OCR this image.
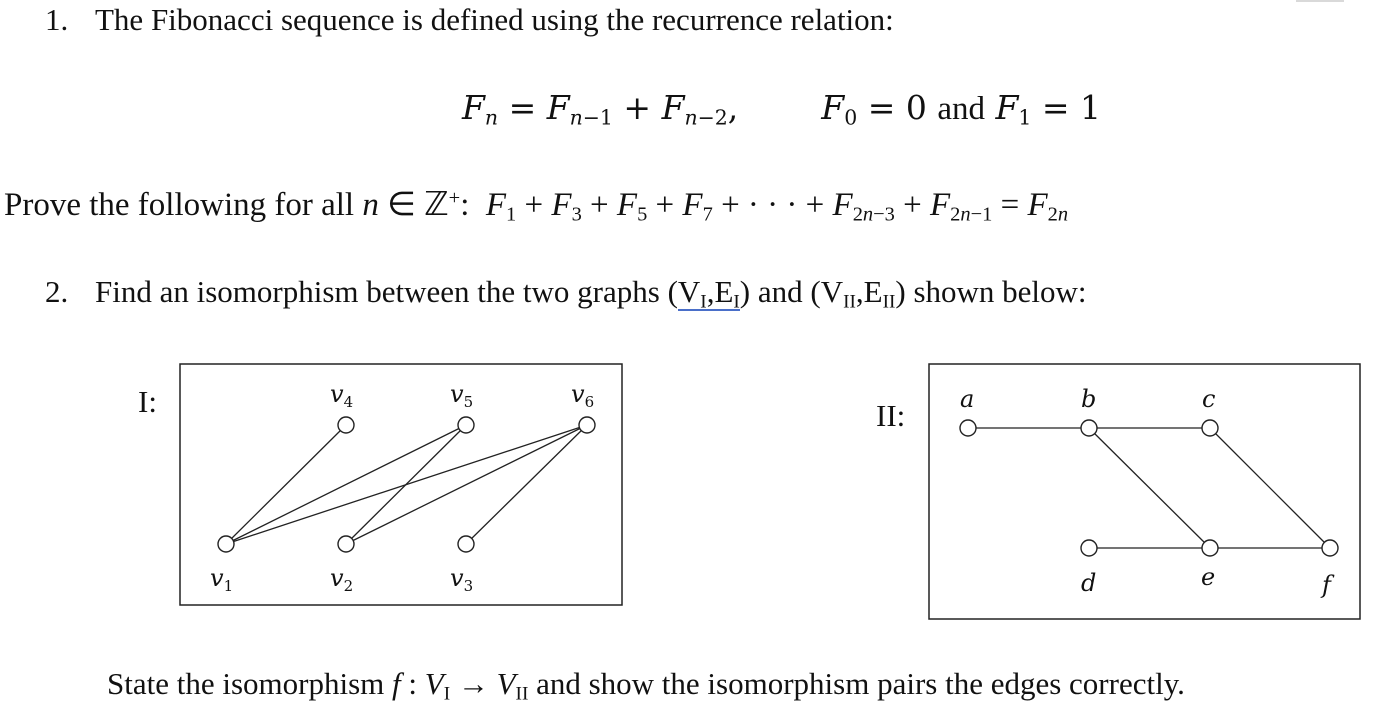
1. The Fibonacci sequence is defined using the recurrence relation:
$F_n = F_{n-1} + F_{n-2}$,  $F_0 = 0$ and $F_1 = 1$
Prove the following for all n ∈ ℤ+:  $F_1 + F_3 + F_5 + F_7$ + · · · + $F_{2n-3} + F_{2n-1} = F_{2n}$
2. Find an isomorphism between the two graphs $(V_I,E_I)$ and $(V_{II},E_{II})$ shown below:
I:	II:
$v_1$	$v_2$	$v_3$
$v_4$	$v_5$	$v_6$	a	b	c
d	e	f
State the isomorphism f : $V_I \to V_{II}$ and show the isomorphism pairs the edges correctly.
